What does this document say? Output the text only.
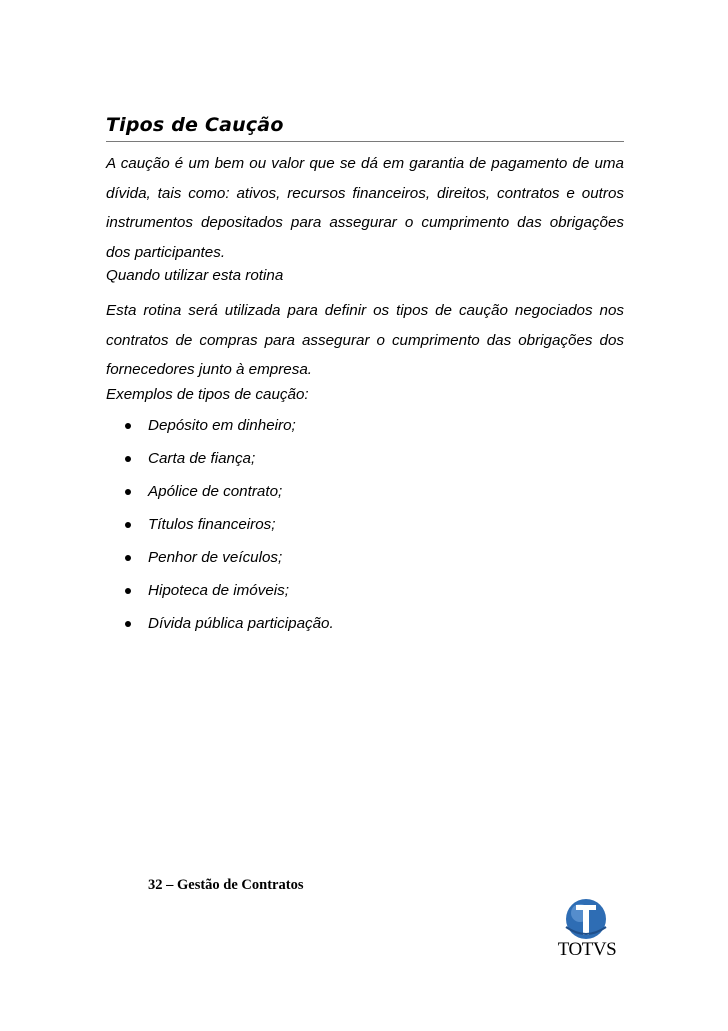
Tipos de Caução

A caução é um bem ou valor que se dá em garantia de pagamento de uma dívida, tais como: ativos, recursos financeiros, direitos, contratos e outros instrumentos depositados para assegurar o cumprimento das obrigações dos participantes.

Quando utilizar esta rotina

Esta rotina será utilizada para definir os tipos de caução negociados nos contratos de compras para assegurar o cumprimento das obrigações dos fornecedores junto à empresa.

Exemplos de tipos de caução:
Depósito em dinheiro;
Carta de fiança;
Apólice de contrato;
Títulos financeiros;
Penhor de veículos;
Hipoteca de imóveis;
Dívida pública participação.
32 – Gestão de Contratos
TOTVS
